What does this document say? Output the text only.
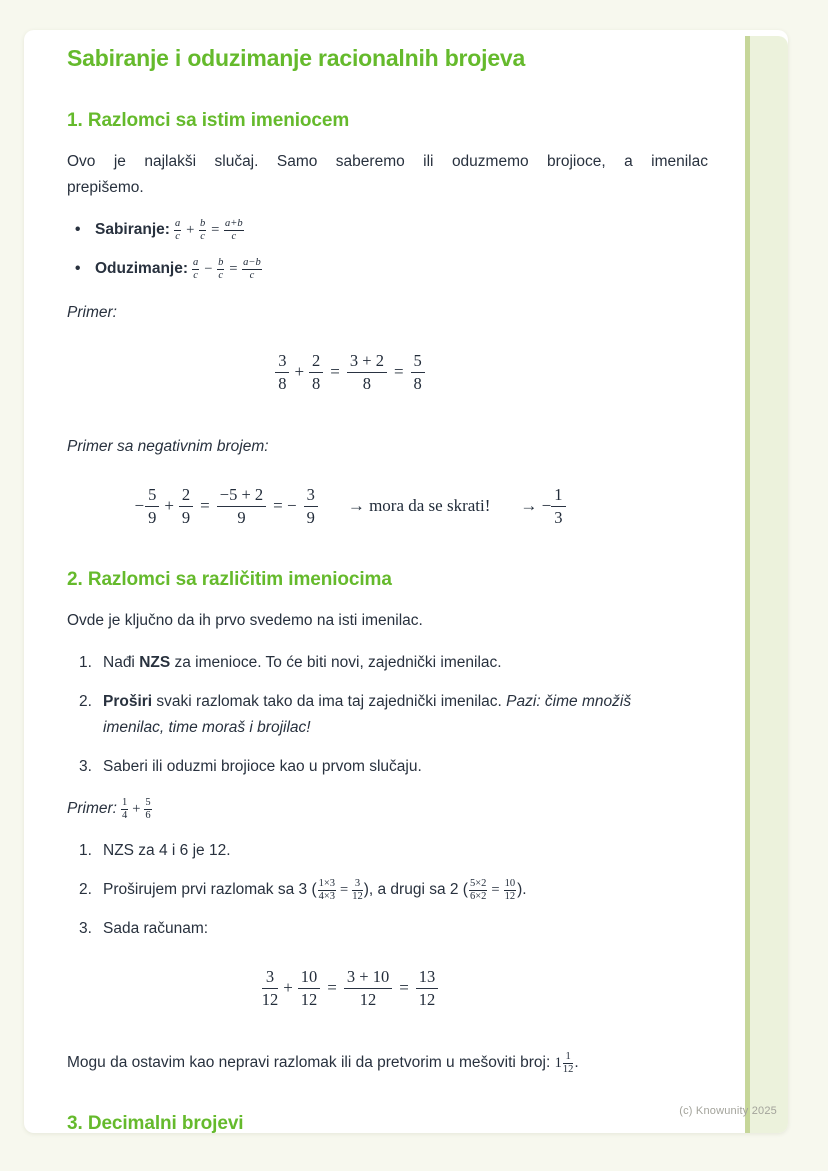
Sabiranje i oduzimanje racionalnih brojeva
1. Razlomci sa istim imeniocem

Ovo je najlakši slučaj. Samo saberemo ili oduzmemo brojioce, a imenilac
prepišemo.

• Sabiranje: $\frac{a}{c} + \frac{b}{c} = \frac{a+b}{c}$
• Oduzimanje: $\frac{a}{c} - \frac{b}{c} = \frac{a-b}{c}$

Primer:

$\frac{3}{8} + \frac{2}{8} = \frac{3 + 2}{8} = \frac{5}{8}$

Primer sa negativnim brojem:

− $\frac{5}{9} + \frac{2}{9} = \frac{-5 + 2}{9}$ = − $\frac{3}{9}$ → mora da se skrati! → − $\frac{1}{3}$
2. Razlomci sa različitim imeniocima

Ovde je ključno da ih prvo svedemo na isti imenilac.

1. Nađi NZS za imenioce. To će biti novi, zajednički imenilac.
2. Proširi svaki razlomak tako da ima taj zajednički imenilac. Pazi: čime množiš imenilac, time moraš i brojilac!
3. Saberi ili oduzmi brojioce kao u prvom slučaju.

Primer: $\frac{1}{4} + \frac{5}{6}$

1. NZS za 4 i 6 je 12.
2. Proširujem prvi razlomak sa 3 ( $\frac{1\times 3}{4\times 3} = \frac{3}{12}$ ), a drugi sa 2 ( $\frac{5\times 2}{6\times 2} = \frac{10}{12}$ ).
3. Sada računam:
$\frac{3}{12} + \frac{10}{12} = \frac{3 + 10}{12} = \frac{13}{12}$

Mogu da ostavim kao nepravi razlomak ili da pretvorim u mešoviti broj: $1 \frac{1}{12}$ .

3. Decimalni brojevi
(c) Knowunity 2025
